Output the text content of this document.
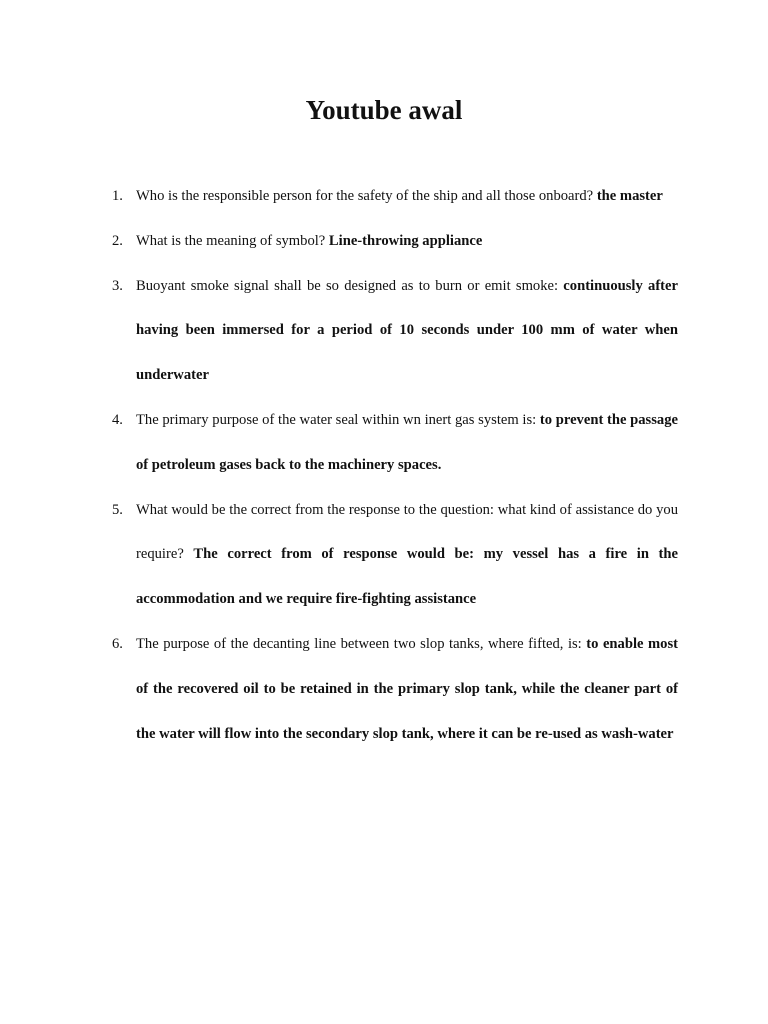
Youtube awal
1. Who is the responsible person for the safety of the ship and all those onboard? the master
2. What is the meaning of symbol? Line-throwing appliance
3. Buoyant smoke signal shall be so designed as to burn or emit smoke: continuously after having been immersed for a period of 10 seconds under 100 mm of water when underwater
4. The primary purpose of the water seal within wn inert gas system is: to prevent the passage of petroleum gases back to the machinery spaces.
5. What would be the correct from the response to the question: what kind of assistance do you require? The correct from of response would be: my vessel has a fire in the accommodation and we require fire-fighting assistance
6. The purpose of the decanting line between two slop tanks, where fifted, is: to enable most of the recovered oil to be retained in the primary slop tank, while the cleaner part of the water will flow into the secondary slop tank, where it can be re-used as wash-water
